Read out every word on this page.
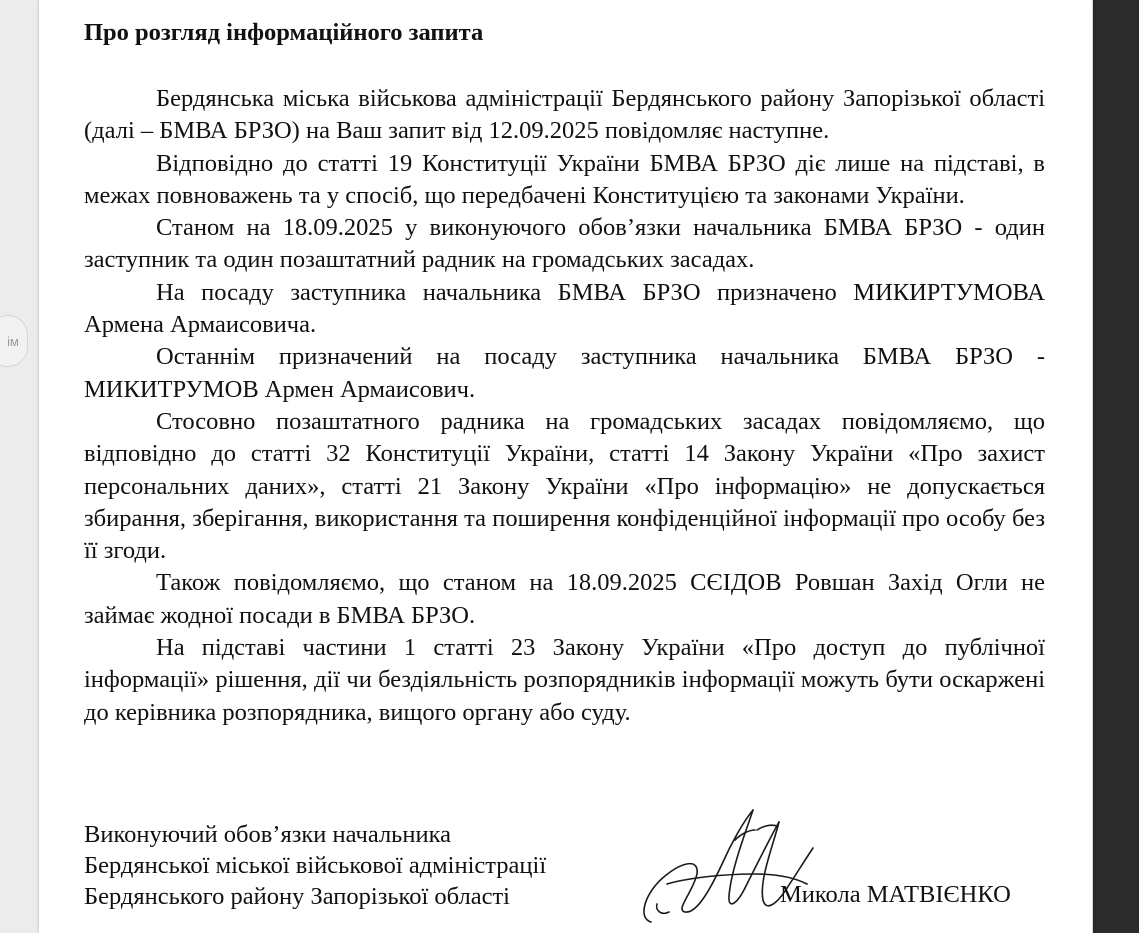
ім
Про розгляд інформаційного запита

Бердянська міська військова адміністрації Бердянського району Запорізької області (далі – БМВА БРЗО) на Ваш запит від 12.09.2025 повідомляє наступне.

Відповідно до статті 19 Конституції України БМВА БРЗО діє лише на підставі, в межах повноважень та у спосіб, що передбачені Конституцією та законами України.

Станом на 18.09.2025 у виконуючого обов’язки начальника БМВА БРЗО - один заступник та один позаштатний радник на громадських засадах.

На посаду заступника начальника БМВА БРЗО призначено МИКИРТУМОВА Армена Армаисовича.

Останнім призначений на посаду заступника начальника БМВА БРЗО - МИКИТРУМОВ Армен Армаисович.

Стосовно позаштатного радника на громадських засадах повідомляємо, що відповідно до статті 32 Конституції України, статті 14 Закону України «Про захист персональних даних», статті 21 Закону України «Про інформацію» не допускається збирання, зберігання, використання та поширення конфіденційної інформації про особу без її згоди.

Також повідомляємо, що станом на 18.09.2025 СЄІДОВ Ровшан Захід Огли не займає жодної посади в БМВА БРЗО.

На підставі частини 1 статті 23 Закону України «Про доступ до публічної інформації» рішення, дії чи бездіяльність розпорядників інформації можуть бути оскаржені до керівника розпорядника, вищого органу або суду.

Виконуючий обов’язки начальника
Бердянської міської військової адміністрації
Бердянського району Запорізької області	Микола МАТВІЄНКО
